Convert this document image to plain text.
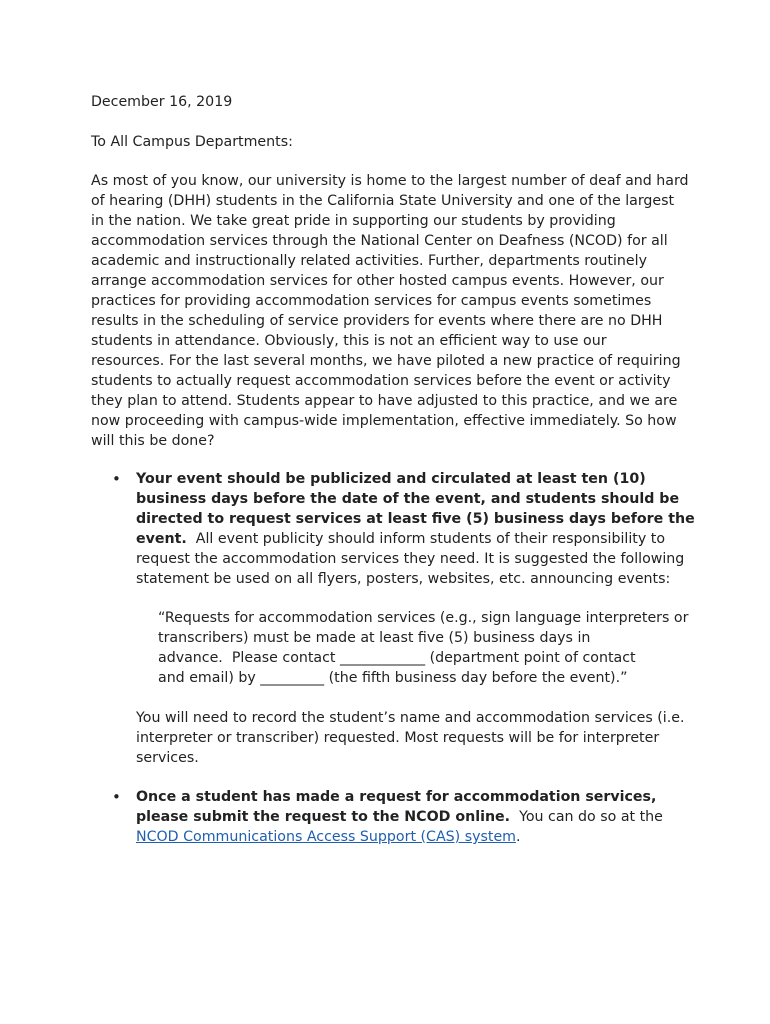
December 16, 2019
To All Campus Departments:
As most of you know, our university is home to the largest number of deaf and hard
of hearing (DHH) students in the California State University and one of the largest
in the nation. We take great pride in supporting our students by providing
accommodation services through the National Center on Deafness (NCOD) for all
academic and instructionally related activities. Further, departments routinely
arrange accommodation services for other hosted campus events. However, our
practices for providing accommodation services for campus events sometimes
results in the scheduling of service providers for events where there are no DHH
students in attendance. Obviously, this is not an efficient way to use our
resources. For the last several months, we have piloted a new practice of requiring
students to actually request accommodation services before the event or activity
they plan to attend. Students appear to have adjusted to this practice, and we are
now proceeding with campus-wide implementation, effective immediately. So how
will this be done?
• Your event should be publicized and circulated at least ten (10)
business days before the date of the event, and students should be
directed to request services at least five (5) business days before the
event.  All event publicity should inform students of their responsibility to
request the accommodation services they need. It is suggested the following
statement be used on all flyers, posters, websites, etc. announcing events:
“Requests for accommodation services (e.g., sign language interpreters or
transcribers) must be made at least five (5) business days in
advance.  Please contact ____________ (department point of contact
and email) by _________ (the fifth business day before the event).”
You will need to record the student’s name and accommodation services (i.e.
interpreter or transcriber) requested. Most requests will be for interpreter
services.
• Once a student has made a request for accommodation services,
please submit the request to the NCOD online.  You can do so at the
NCOD Communications Access Support (CAS) system.
